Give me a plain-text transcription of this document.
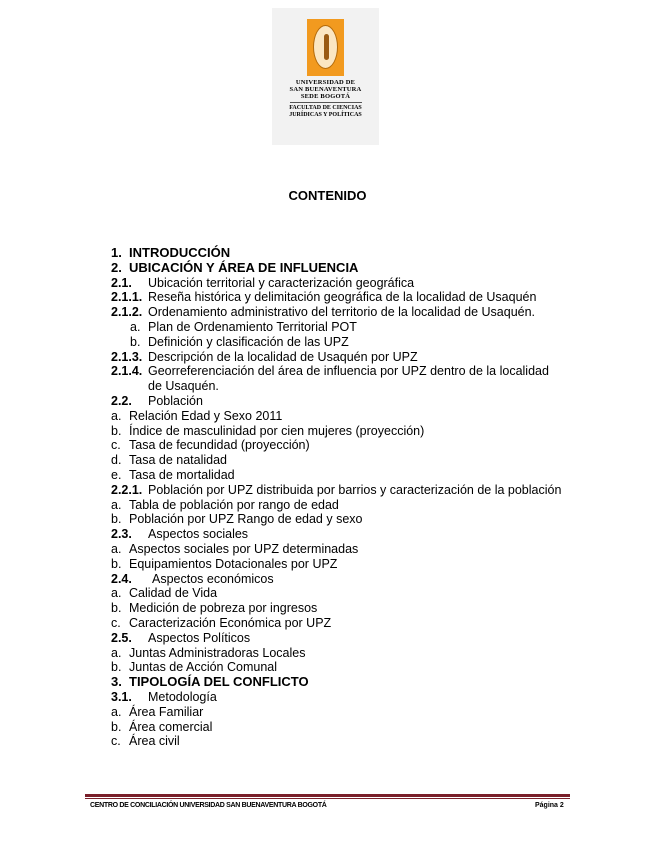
UNIVERSIDAD DE
SAN BUENAVENTURA
SEDE BOGOTÁ
FACULTAD DE CIENCIAS
JURÍDICAS Y POLÍTICAS
CONTENIDO
1. INTRODUCCIÓN
2. UBICACIÓN Y ÁREA DE INFLUENCIA
2.1.	Ubicación territorial y caracterización geográfica
2.1.1. Reseña histórica y delimitación geográfica de la localidad de Usaquén
2.1.2. Ordenamiento administrativo del territorio de la localidad de Usaquén.
a. Plan de Ordenamiento Territorial POT
b. Definición y clasificación de las UPZ
2.1.3. Descripción de la localidad de Usaquén por UPZ
2.1.4. Georreferenciación del área de influencia por UPZ dentro de la localidad de Usaquén.
2.2.	Población
a. Relación Edad y Sexo 2011
b. Índice de masculinidad por cien mujeres (proyección)
c. Tasa de fecundidad (proyección)
d. Tasa de natalidad
e. Tasa de mortalidad
2.2.1. Población por UPZ distribuida por barrios y caracterización de la población
a. Tabla de población por rango de edad
b. Población por UPZ Rango de edad y sexo
2.3.	Aspectos sociales
a. Aspectos sociales por UPZ determinadas
b. Equipamientos Dotacionales por UPZ
2.4.	Aspectos económicos
a. Calidad de Vida
b. Medición de pobreza por ingresos
c. Caracterización Económica por UPZ
2.5.	Aspectos Políticos
a. Juntas Administradoras Locales
b. Juntas de Acción Comunal
3. TIPOLOGÍA DEL CONFLICTO
3.1.	Metodología
a. Área Familiar
b. Área comercial
c. Área civil
CENTRO DE CONCILIACIÓN UNIVERSIDAD SAN BUENAVENTURA BOGOTÁ	Página 2
